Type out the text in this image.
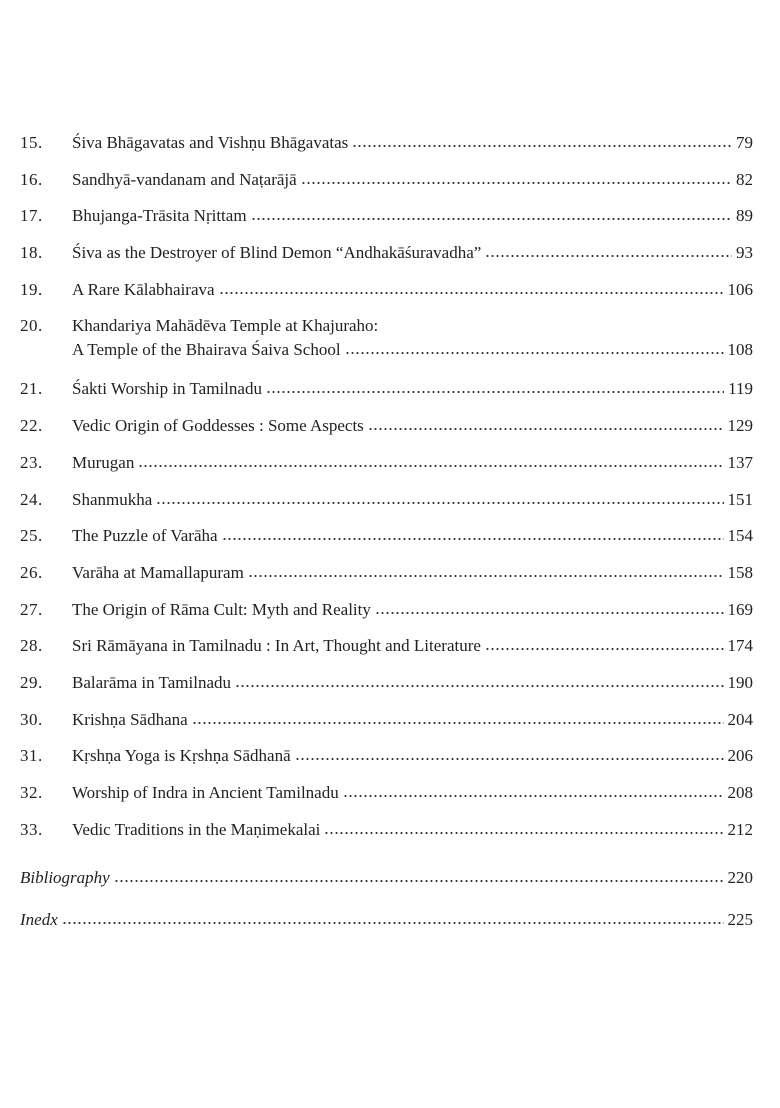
15.	Śiva Bhāgavatas and Vishṇu Bhāgavatas	79
16.	Sandhyā-vandanam and Naṭarājā	82
17.	Bhujanga-Trāsita Nṛittam	89
18.	Śiva as the Destroyer of Blind Demon “Andhakāśuravadha”	93
19.	A Rare Kālabhairava	106
20.	Khandariya Mahādēva Temple at Khajuraho:
A Temple of the Bhairava Śaiva School	108
21.	Śakti Worship in Tamilnadu	119
22.	Vedic Origin of Goddesses : Some Aspects	129
23.	Murugan	137
24.	Shanmukha	151
25.	The Puzzle of Varāha	154
26.	Varāha at Mamallapuram	158
27.	The Origin of Rāma Cult: Myth and Reality	169
28.	Sri Rāmāyana in Tamilnadu : In Art, Thought and Literature	174
29.	Balarāma in Tamilnadu	190
30.	Krishṇa Sādhana	204
31.	Kṛshṇa Yoga is Kṛshṇa Sādhanā	206
32.	Worship of Indra in Ancient Tamilnadu	208
33.	Vedic Traditions in the Maṇimekalai	212
Bibliography	220
Inedx	225
